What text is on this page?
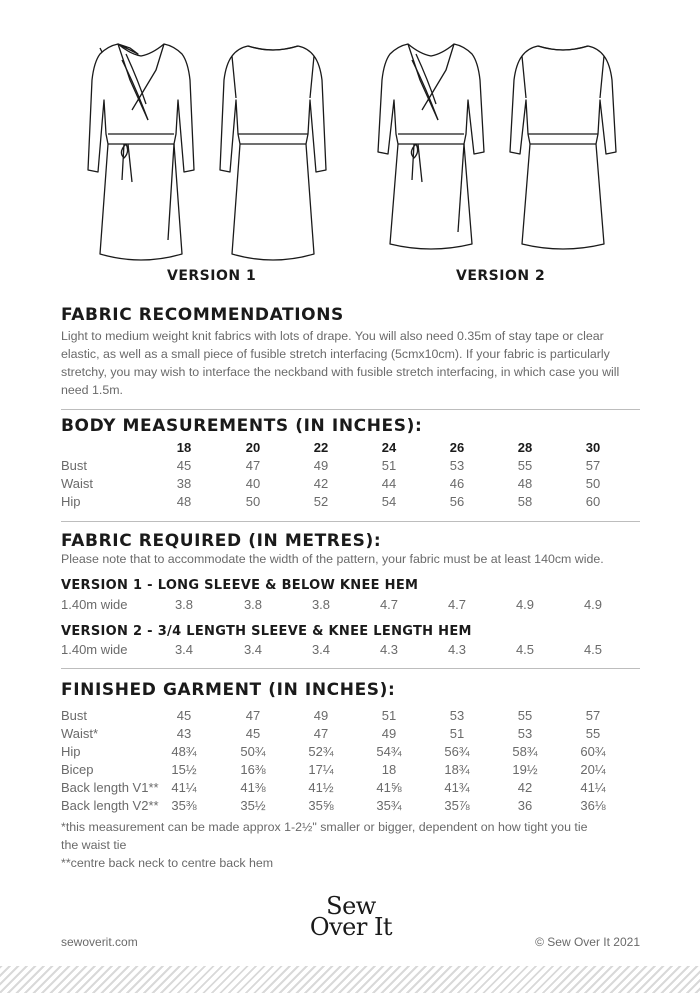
VERSION 1	VERSION 2
FABRIC RECOMMENDATIONS
Light to medium weight knit fabrics with lots of drape. You will also need 0.35m of stay tape or clear elastic, as well as a small piece of fusible stretch interfacing (5cmx10cm). If your fabric is particularly stretchy, you may wish to interface the neckband with fusible stretch interfacing, in which case you will need 1.5m.
BODY MEASUREMENTS (IN INCHES):
18	20	22	24	26	28	30
Bust	45	47	49	51	53	55	57
Waist	38	40	42	44	46	48	50
Hip	48	50	52	54	56	58	60
FABRIC REQUIRED (IN METRES):
Please note that to accommodate the width of the pattern, your fabric must be at least 140cm wide.
VERSION 1 - LONG SLEEVE & BELOW KNEE HEM
1.40m wide	3.8	3.8	3.8	4.7	4.7	4.9	4.9
VERSION 2 - 3/4 LENGTH SLEEVE & KNEE LENGTH HEM
1.40m wide	3.4	3.4	3.4	4.3	4.3	4.5	4.5
FINISHED GARMENT (IN INCHES):
Bust	45	47	49	51	53	55	57
Waist*	43	45	47	49	51	53	55
Hip	48¾	50¾	52¾	54¾	56¾	58¾	60¾
Bicep	15½	16⅜	17¼	18	18¾	19½	20¼
Back length V1** 41¼	41⅜	41½	41⅝	41¾	42	41¼
Back length V2** 35⅜	35½	35⅝	35¾	35⅞	36	36⅛
*this measurement can be made approx 1-2½" smaller or bigger, dependent on how tight you tie
the waist tie
**centre back neck to centre back hem
sewoverit.com
Sew
Over It
© Sew Over It 2021
